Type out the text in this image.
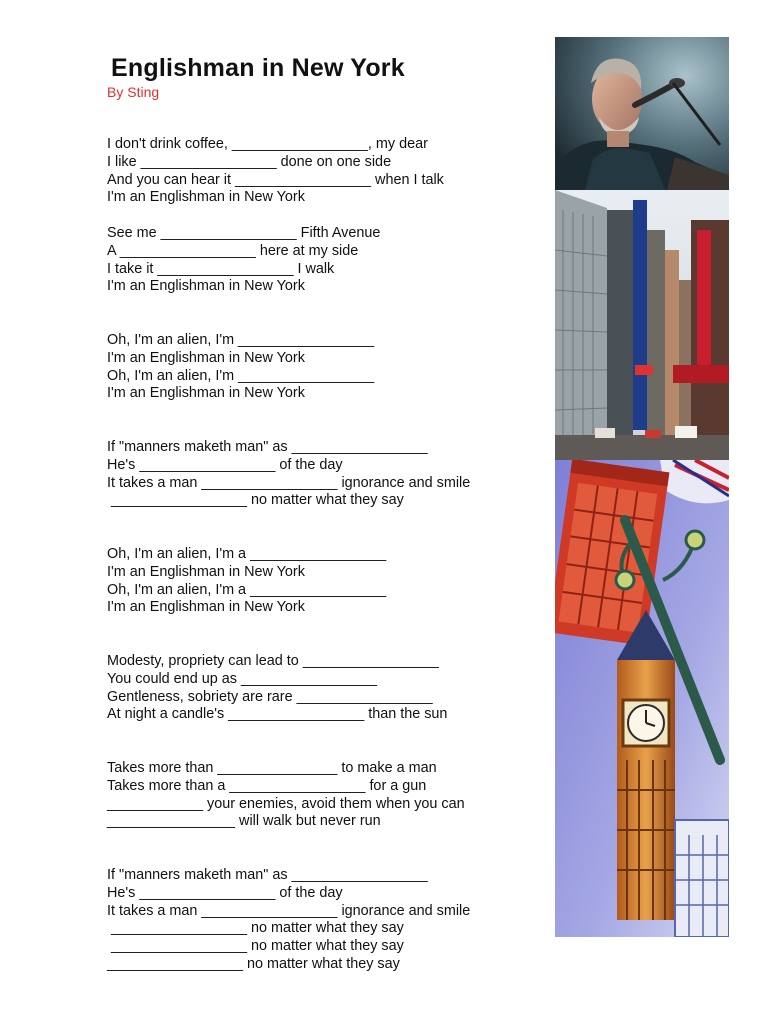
Englishman in New York
By Sting
I don't drink coffee, _________________, my dear
I like _________________ done on one side
And you can hear it _________________ when I talk
I'm an Englishman in New York
See me _________________ Fifth Avenue
A _________________ here at my side
I take it _________________ I walk
I'm an Englishman in New York
Oh, I'm an alien, I'm _________________
I'm an Englishman in New York
Oh, I'm an alien, I'm _________________
I'm an Englishman in New York
If "manners maketh man" as _________________
He's _________________ of the day
It takes a man _________________ ignorance and smile
_________________ no matter what they say
Oh, I'm an alien, I'm a _________________
I'm an Englishman in New York
Oh, I'm an alien, I'm a _________________
I'm an Englishman in New York
Modesty, propriety can lead to _________________
You could end up as _________________
Gentleness, sobriety are rare _________________
At night a candle's _________________ than the sun
Takes more than _______________ to make a man
Takes more than a _________________ for a gun
____________ your enemies, avoid them when you can
________________ will walk but never run
If "manners maketh man" as _________________
He's _________________ of the day
It takes a man _________________ ignorance and smile
_________________ no matter what they say
_________________ no matter what they say
_________________ no matter what they say
